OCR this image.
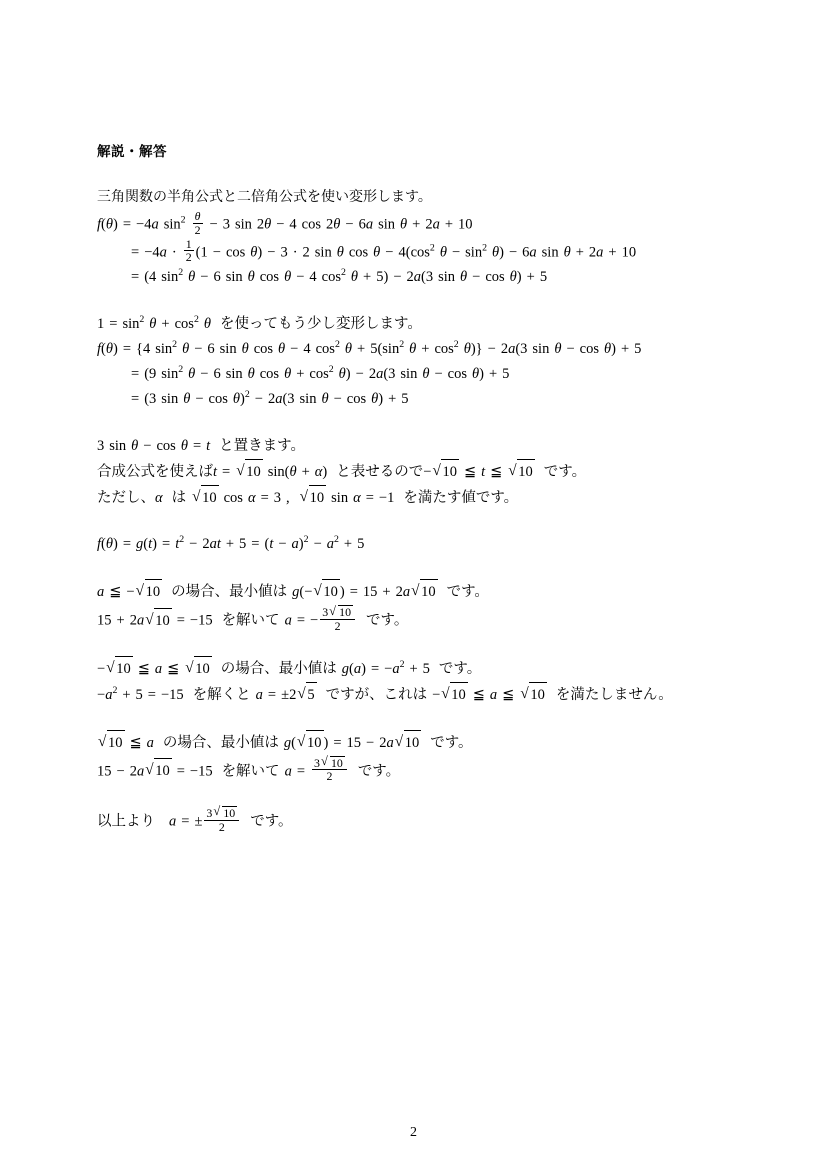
解説・解答
三角関数の半角公式と二倍角公式を使い変形します。
f(θ) = −4a $\sin^2 \frac{\theta}{2} - 3$ sin 2θ − 4 cos 2θ − 6a sin θ + 2a + 10
= $-4a \cdot \frac{1}{2} (1 - \cos \theta) - 3 \cdot 2$ sin θ $\cos \theta - 4(\cos^2$ $\theta - \sin^2 \theta) - 6a$ sin θ + 2a + 10
= (4 $\sin^2 \theta - 6$ sin θ cos θ − 4 $\cos^2 \theta + 5) - 2a(3$ sin θ − cos θ) + 5
$1 = \sin^2 \theta + \cos^2 \theta$ を使ってもう少し変形します。
f(θ) = {4 $\sin^2 \theta - 6$ sin θ cos θ − 4 $\cos^2 \theta + 5(\sin^2$ $\theta + \cos^2 \theta)\} - 2a(3$ sin θ − cos θ) + 5
= (9 $\sin^2 \theta - 6$ sin θ $\cos \theta + \cos^2 \theta) - 2a(3$ sin θ − cos θ) + 5
= (3 sin θ − cos θ)$^2$ − 2a(3 sin θ − cos θ) + 5
3 sin θ − cos θ = t と置きます。
合成公式を使えばt = √ 10 sin(θ + α) と表せるので− √ 10 ≦ t ≦ √ 10 です。
ただし、α は √ 10 cos α = 3 , √ 10 sin α = −1 を満たす値です。
$f(\theta) = g(t) = t^2 - 2at + 5 = (t - a)^2 - a^2 + 5$
a ≦ − √ 10 の場合、最小値は g(− √ 10 ) = 15 + 2a √ 10 です。
15 + 2a √ 10 = −15 を解いて a = − $\frac{3 √ 10}{2}$ です。
− √ 10 ≦ a ≦ √ 10 の場合、最小値は $g(a) = -a^2 + 5$ です。
$-a^2 + 5 = -15$ を解くと a = ±2 √ 5 ですが、これは − √ 10 ≦ a ≦ √ 10 を満たしません。
√ 10 ≦ a の場合、最小値は g( √ 10 ) = 15 − 2a √ 10 です。
15 − 2a √ 10 = −15 を解いて $a = \frac{3 √ 10}{2}$ です。
以上より a = ± $\frac{3 √ 10}{2}$ です。
2
